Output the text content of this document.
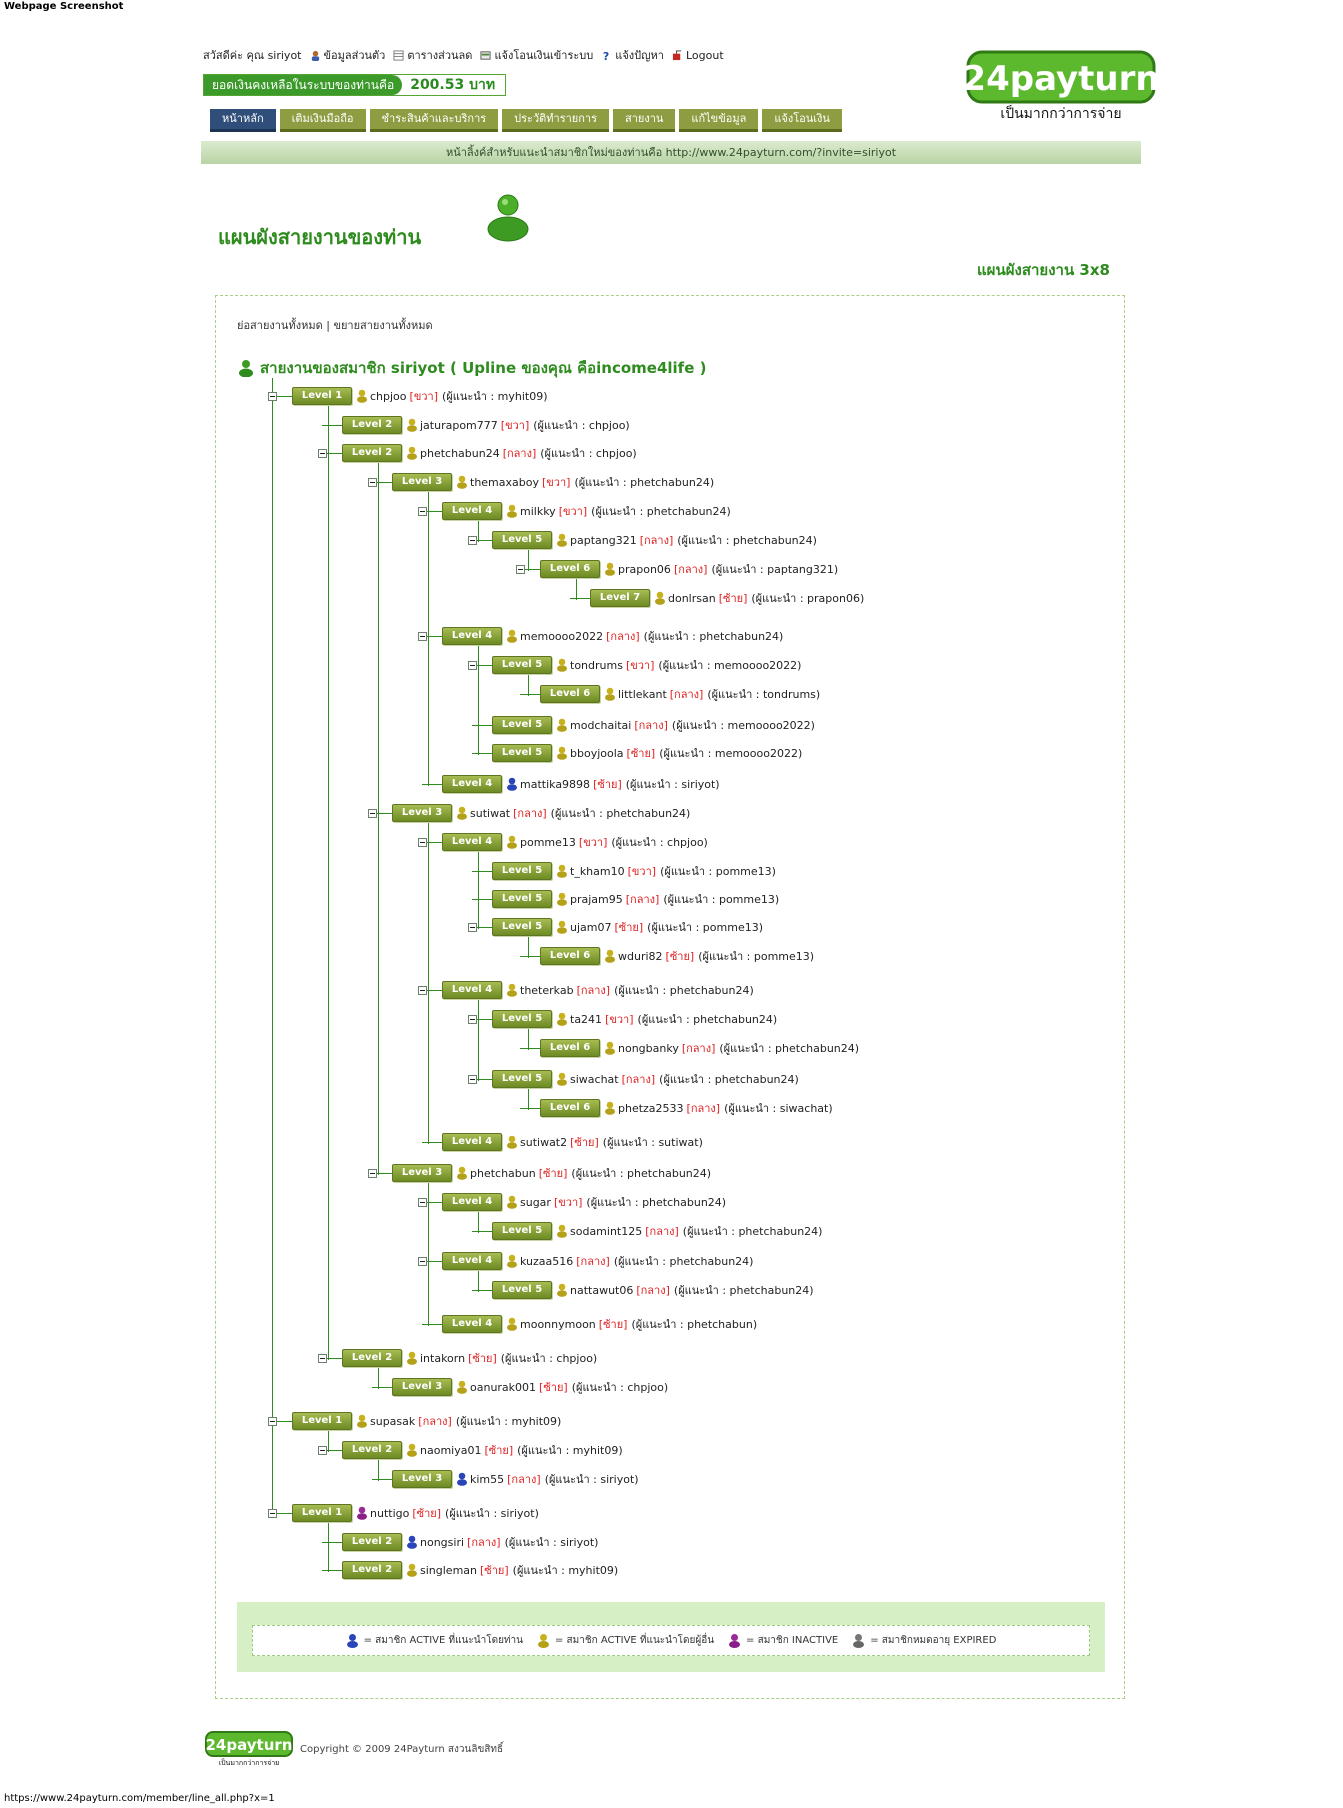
Webpage Screenshot
สวัสดีค่ะ คุณ siriyot ข้อมูลส่วนตัว ตารางส่วนลด แจ้งโอนเงินเข้าระบบ ? แจ้งปัญหา Logout
ยอดเงินคงเหลือในระบบของท่านคือ	200.53 บาท	24payturn
เป็นมากกว่าการจ่าย
หน้าหลัก	เติมเงินมือถือ	ชำระสินค้าและบริการ	ประวัติทำรายการ	สายงาน	แก้ไขข้อมูล	แจ้งโอนเงิน
หน้าลิ้งค์สำหรับแนะนำสมาชิกใหม่ของท่านคือ http://www.24payturn.com/?invite=siriyot
แผนผังสายงานของท่าน
แผนผังสายงาน 3x8
ย่อสายงานทั้งหมด | ขยายสายงานทั้งหมด
สายงานของสมาชิก siriyot ( Upline ของคุณ คือincome4life )
Level 1	chpjoo [ขวา] (ผู้แนะนำ : myhit09)
Level 2	jaturapom777 [ขวา] (ผู้แนะนำ : chpjoo)
Level 2	phetchabun24 [กลาง] (ผู้แนะนำ : chpjoo)
Level 3	themaxaboy [ขวา] (ผู้แนะนำ : phetchabun24)
Level 4	milkky [ขวา] (ผู้แนะนำ : phetchabun24)
Level 5	paptang321 [กลาง] (ผู้แนะนำ : phetchabun24)
Level 6	prapon06 [กลาง] (ผู้แนะนำ : paptang321)
Level 7	donlrsan [ซ้าย] (ผู้แนะนำ : prapon06)
Level 4	memoooo2022 [กลาง] (ผู้แนะนำ : phetchabun24)
Level 5	tondrums [ขวา] (ผู้แนะนำ : memoooo2022)
Level 6	littlekant [กลาง] (ผู้แนะนำ : tondrums)
Level 5	modchaitai [กลาง] (ผู้แนะนำ : memoooo2022)
Level 5	bboyjoola [ซ้าย] (ผู้แนะนำ : memoooo2022)
Level 4	mattika9898 [ซ้าย] (ผู้แนะนำ : siriyot)
Level 3	sutiwat [กลาง] (ผู้แนะนำ : phetchabun24)
Level 4	pomme13 [ขวา] (ผู้แนะนำ : chpjoo)
Level 5	t_kham10 [ขวา] (ผู้แนะนำ : pomme13)
Level 5	prajam95 [กลาง] (ผู้แนะนำ : pomme13)
Level 5	ujam07 [ซ้าย] (ผู้แนะนำ : pomme13)
Level 6	wduri82 [ซ้าย] (ผู้แนะนำ : pomme13)
Level 4	theterkab [กลาง] (ผู้แนะนำ : phetchabun24)
Level 5	ta241 [ขวา] (ผู้แนะนำ : phetchabun24)
Level 6	nongbanky [กลาง] (ผู้แนะนำ : phetchabun24)
Level 5	siwachat [กลาง] (ผู้แนะนำ : phetchabun24)
Level 6	phetza2533 [กลาง] (ผู้แนะนำ : siwachat)
Level 4	sutiwat2 [ซ้าย] (ผู้แนะนำ : sutiwat)
Level 3	phetchabun [ซ้าย] (ผู้แนะนำ : phetchabun24)
Level 4	sugar [ขวา] (ผู้แนะนำ : phetchabun24)
Level 5	sodamint125 [กลาง] (ผู้แนะนำ : phetchabun24)
Level 4	kuzaa516 [กลาง] (ผู้แนะนำ : phetchabun24)
Level 5	nattawut06 [กลาง] (ผู้แนะนำ : phetchabun24)
Level 4	moonnymoon [ซ้าย] (ผู้แนะนำ : phetchabun)
Level 2	intakorn [ซ้าย] (ผู้แนะนำ : chpjoo)
Level 3	oanurak001 [ซ้าย] (ผู้แนะนำ : chpjoo)
Level 1	supasak [กลาง] (ผู้แนะนำ : myhit09)
Level 2	naomiya01 [ซ้าย] (ผู้แนะนำ : myhit09)
Level 3	kim55 [กลาง] (ผู้แนะนำ : siriyot)
Level 1	nuttigo [ซ้าย] (ผู้แนะนำ : siriyot)
Level 2	nongsiri [กลาง] (ผู้แนะนำ : siriyot)
Level 2	singleman [ซ้าย] (ผู้แนะนำ : myhit09)
= สมาชิก ACTIVE ที่แนะนำโดยท่าน	= สมาชิก ACTIVE ที่แนะนำโดยผู้อื่น	= สมาชิก INACTIVE	= สมาชิกหมดอายุ EXPIRED
24payturn
เป็นมากกว่าการจ่าย
Copyright © 2009 24Payturn สงวนลิขสิทธิ์
https://www.24payturn.com/member/line_all.php?x=1
